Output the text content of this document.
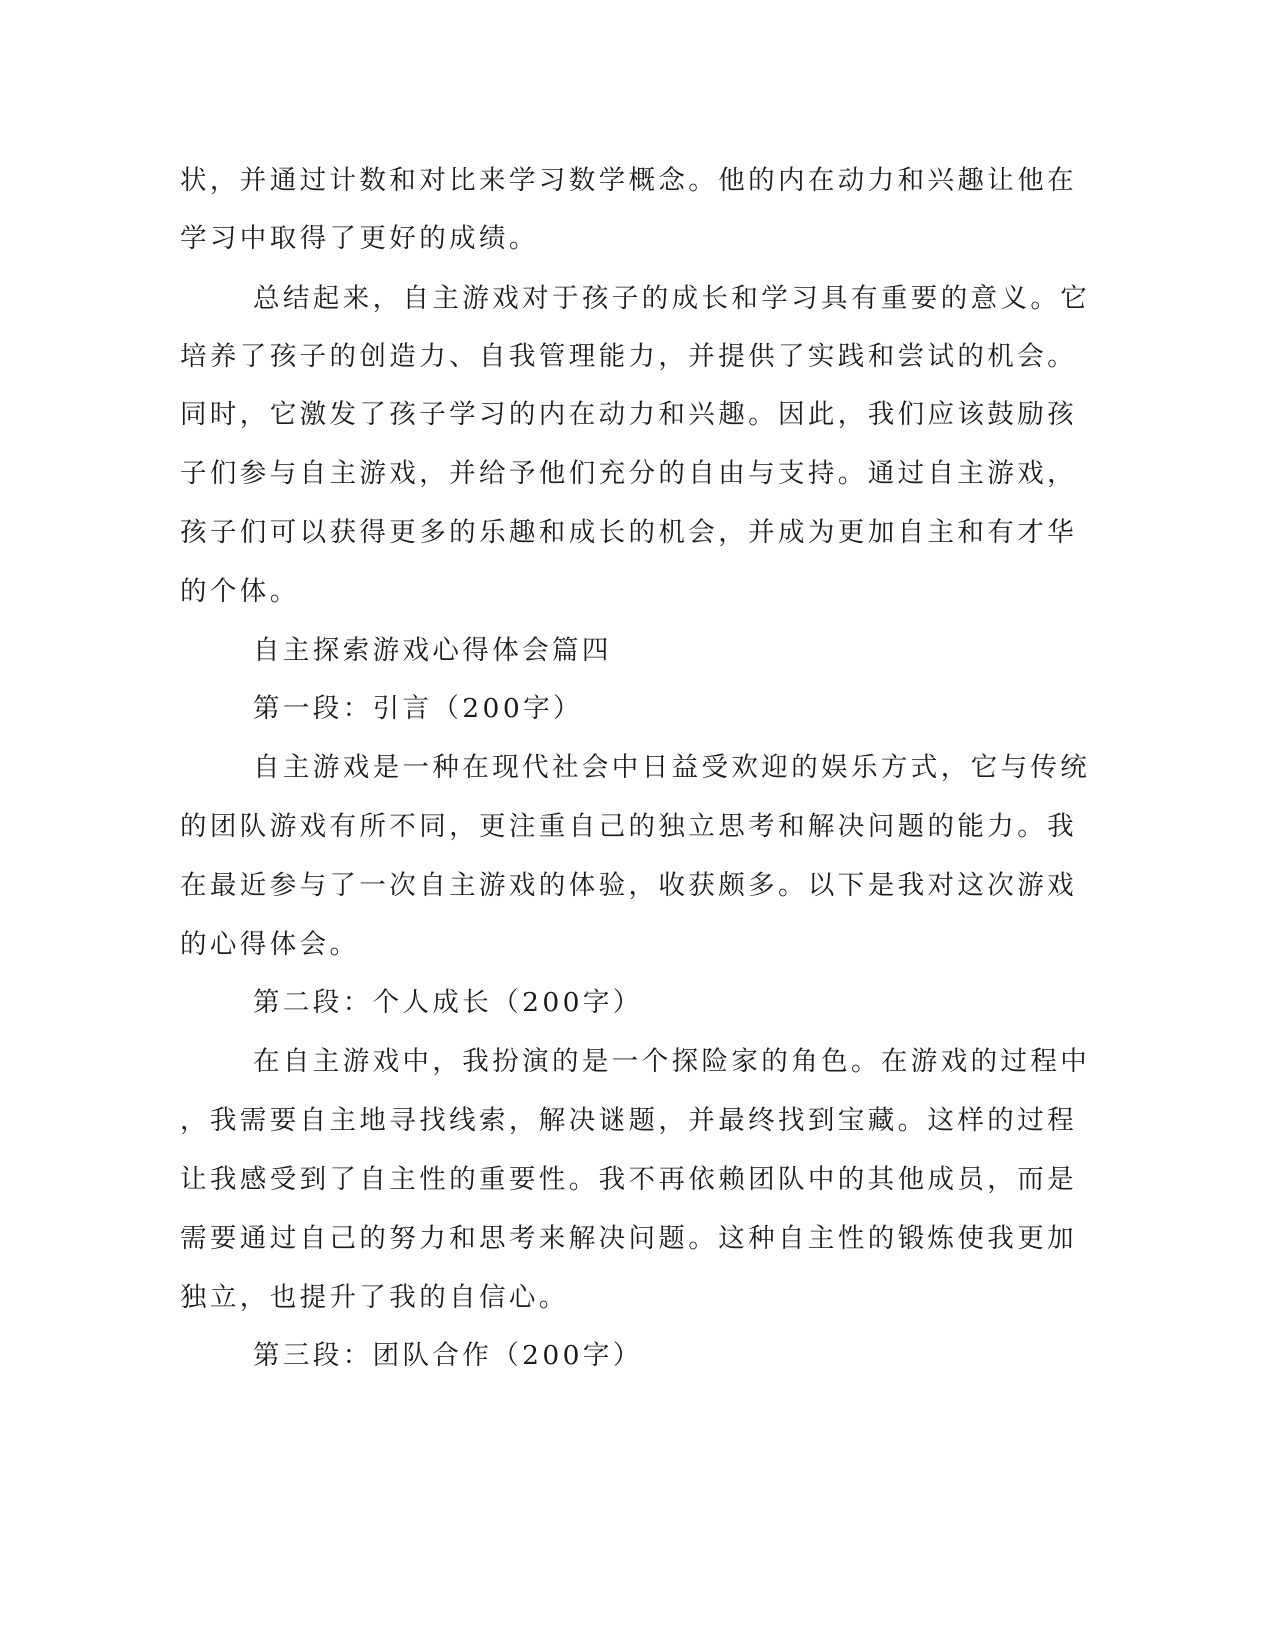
状，并通过计数和对比来学习数学概念。他的内在动力和兴趣让他在

学习中取得了更好的成绩。

总结起来，自主游戏对于孩子的成长和学习具有重要的意义。它

培养了孩子的创造力、自我管理能力，并提供了实践和尝试的机会。

同时，它激发了孩子学习的内在动力和兴趣。因此，我们应该鼓励孩

子们参与自主游戏，并给予他们充分的自由与支持。通过自主游戏，

孩子们可以获得更多的乐趣和成长的机会，并成为更加自主和有才华

的个体。

自主探索游戏心得体会篇四

第一段：引言（200字）

自主游戏是一种在现代社会中日益受欢迎的娱乐方式，它与传统

的团队游戏有所不同，更注重自己的独立思考和解决问题的能力。我

在最近参与了一次自主游戏的体验，收获颇多。以下是我对这次游戏

的心得体会。

第二段：个人成长（200字）

在自主游戏中，我扮演的是一个探险家的角色。在游戏的过程中

，我需要自主地寻找线索，解决谜题，并最终找到宝藏。这样的过程

让我感受到了自主性的重要性。我不再依赖团队中的其他成员，而是

需要通过自己的努力和思考来解决问题。这种自主性的锻炼使我更加

独立，也提升了我的自信心。

第三段：团队合作（200字）
